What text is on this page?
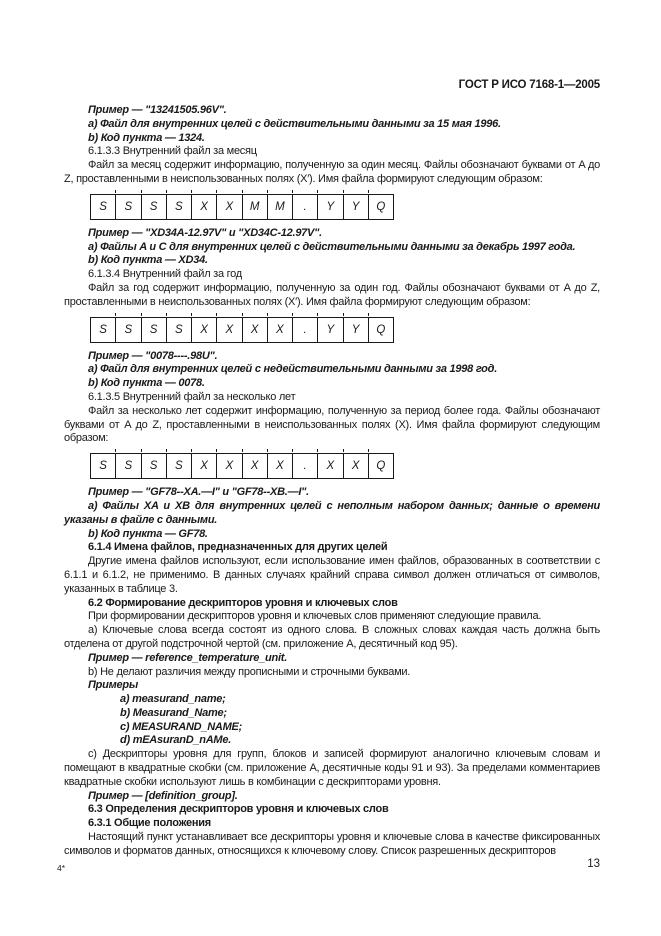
ГОСТ Р ИСО 7168-1—2005

Пример — "13241505.96V".

a) Файл для внутренних целей с действительными данными за 15 мая 1996.

b) Код пункта — 1324.

6.1.3.3 Внутренний файл за месяц

Файл за месяц содержит информацию, полученную за один месяц. Файлы обозначают буквами от A до Z, проставленными в неиспользованных полях (X′). Имя файла формируют следующим образом:

S	S	S	S	X	X	M	M	.	Y	Y	Q

Пример — "XD34A-12.97V" и "XD34C-12.97V".

a) Файлы A и C для внутренних целей с действительными данными за декабрь 1997 года.

b) Код пункта — XD34.

6.1.3.4 Внутренний файл за год

Файл за год содержит информацию, полученную за один год. Файлы обозначают буквами от A до Z, проставленными в неиспользованных полях (X′). Имя файла формируют следующим образом:

S	S	S	S	X	X	X	X	.	Y	Y	Q

Пример — "0078----.98U".

a) Файл для внутренних целей с недействительными данными за 1998 год.

b) Код пункта — 0078.

6.1.3.5 Внутренний файл за несколько лет

Файл за несколько лет содержит информацию, полученную за период более года. Файлы обозначают буквами от A до Z, проставленными в неиспользованных полях (X). Имя файла формируют следующим образом:

S	S	S	S	X	X	X	X	.	X	X	Q

Пример — "GF78--XA.—I" и "GF78--XB.—I".

a) Файлы XA и XB для внутренних целей с неполным набором данных; данные о времени указаны в файле с данными.

b) Код пункта — GF78.

6.1.4 Имена файлов, предназначенных для других целей

Другие имена файлов используют, если использование имен файлов, образованных в соответствии с 6.1.1 и 6.1.2, не применимо. В данных случаях крайний справа символ должен отличаться от символов, указанных в таблице 3.

6.2 Формирование дескрипторов уровня и ключевых слов

При формировании дескрипторов уровня и ключевых слов применяют следующие правила.

a) Ключевые слова всегда состоят из одного слова. В сложных словах каждая часть должна быть отделена от другой подстрочной чертой (см. приложение А, десятичный код 95).

Пример — reference_temperature_unit.

b) Не делают различия между прописными и строчными буквами.

Примеры

a) measurand_name;

b) Measurand_Name;

c) MEASURAND_NAME;

d) mEAsuranD_nAMe.

c) Дескрипторы уровня для групп, блоков и записей формируют аналогично ключевым словам и помещают в квадратные скобки (см. приложение А, десятичные коды 91 и 93). За пределами комментариев квадратные скобки используют лишь в комбинации с дескрипторами уровня.

Пример — [definition_group].

6.3 Определения дескрипторов уровня и ключевых слов

6.3.1 Общие положения

Настоящий пункт устанавливает все дескрипторы уровня и ключевые слова в качестве фиксированных символов и форматов данных, относящихся к ключевому слову. Список разрешенных дескрипторов

4*	13
